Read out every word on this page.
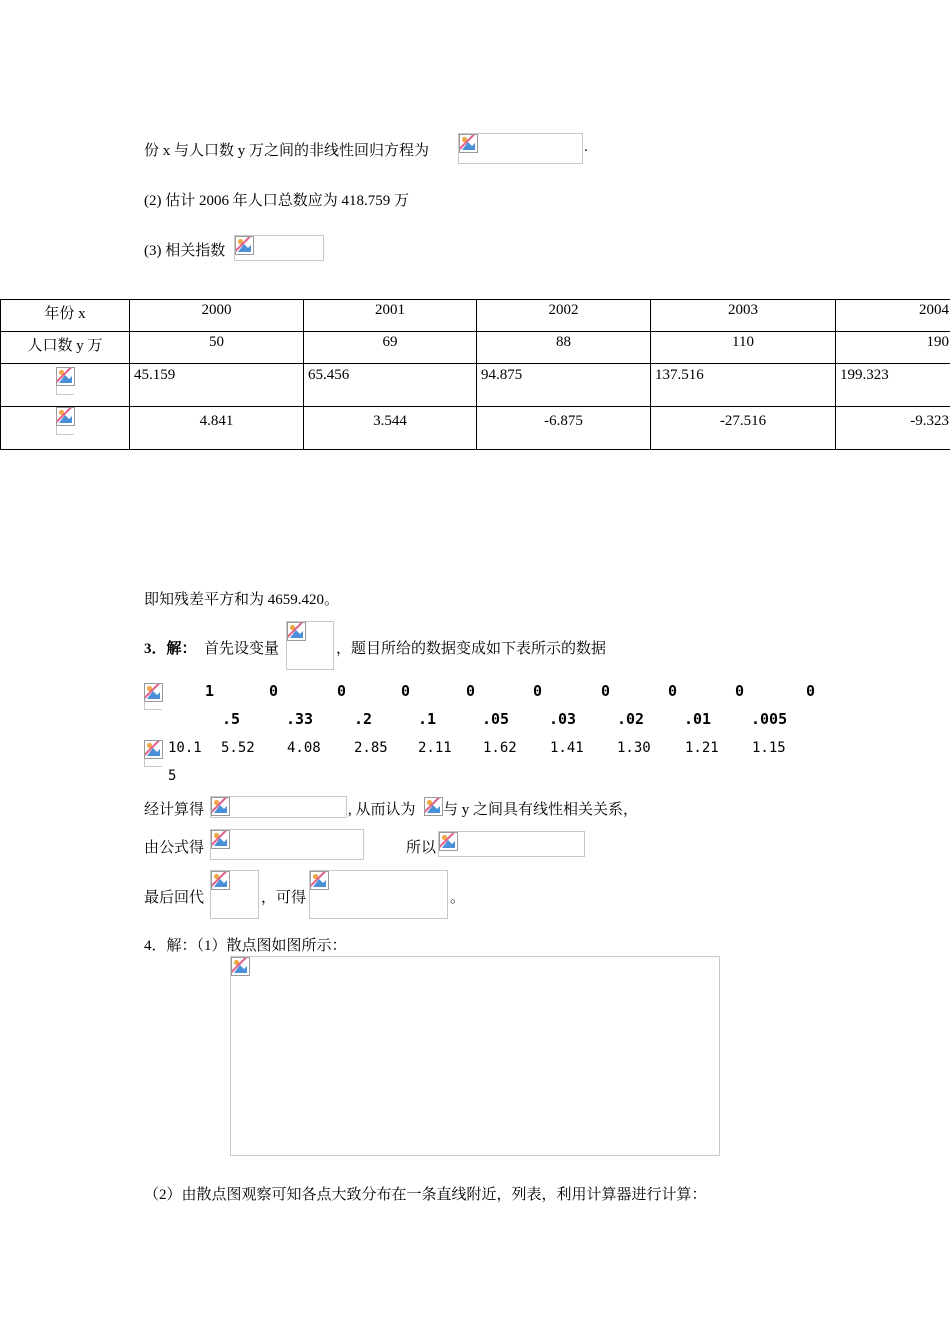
份 x 与人口数 y 万之间的非线性回归方程为	.
(2) 估计 2006 年人口总数应为 418.759 万
(3) 相关指数
年份 x	2000	2001	2002	2003	2004
人口数 y 万	50	69	88	110	190
	45.159	65.456	94.875	137.516	199.323
	4.841	3.544	-6.875	-27.516	-9.323
即知残差平方和为 4659.420。
3．解： 首先设变量	，题目所给的数据变成如下表所示的数据
1	0	0	0	0	0	0	0	0	0
.5	.33	.2	.1	.05	.03	.02	.01	.005
10.1 5.52 4.08 2.85 2.11 1.62 1.41 1.30 1.21 1.15
5
经计算得	, 从而认为 与 y 之间具有线性相关关系，
由公式得	所以
最后回代	，可得	。
4．解：（1）散点图如图所示：
（2）由散点图观察可知各点大致分布在一条直线附近，列表，利用计算器进行计算：
